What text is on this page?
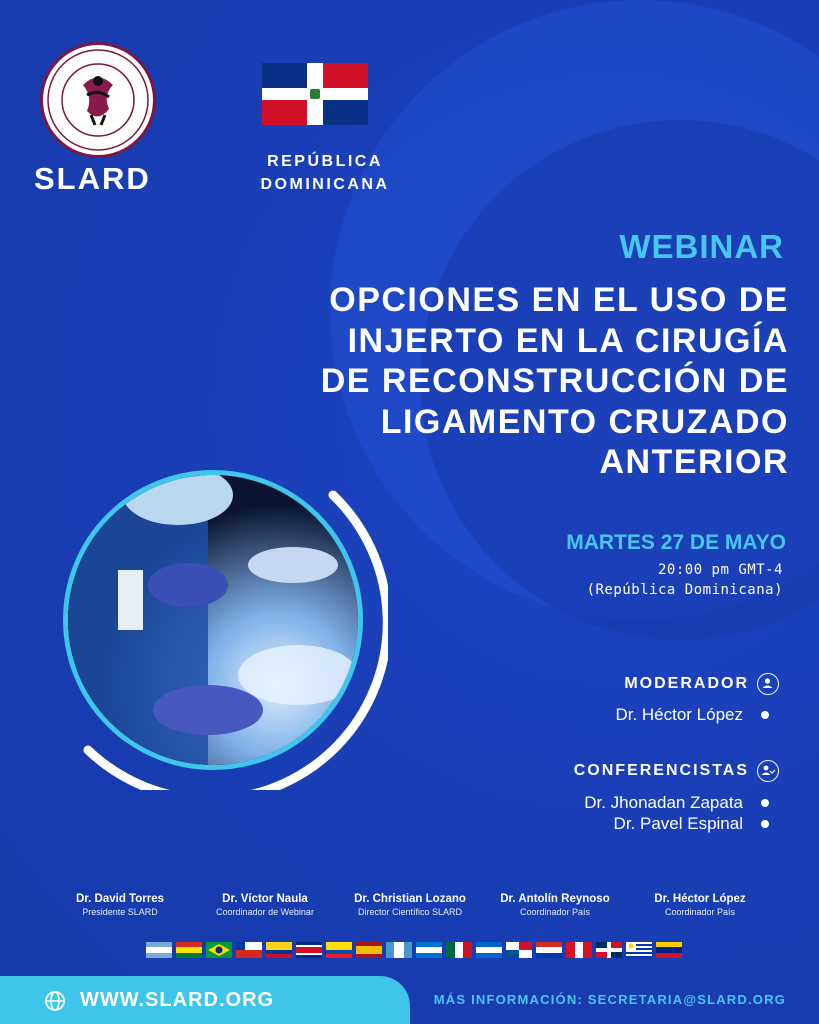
SLARD	REPÚBLICA
DOMINICANA
WEBINAR
OPCIONES EN EL USO DE
INJERTO EN LA CIRUGÍA
DE RECONSTRUCCIÓN DE
LIGAMENTO CRUZADO
ANTERIOR
MARTES 27 DE MAYO
20:00 pm GMT-4
(República Dominicana)
MODERADOR
Dr. Héctor López
CONFERENCISTAS
Dr. Jhonadan Zapata
Dr. Pavel Espinal
Dr. David Torres
Presidente SLARD
Dr. Víctor Naula
Coordinador de Webinar
Dr. Christian Lozano
Director Científico SLARD
Dr. Antolín Reynoso
Coordinador País
Dr. Héctor López
Coordinador País
WWW.SLARD.ORG	MÁS INFORMACIÓN: SECRETARIA@SLARD.ORG
